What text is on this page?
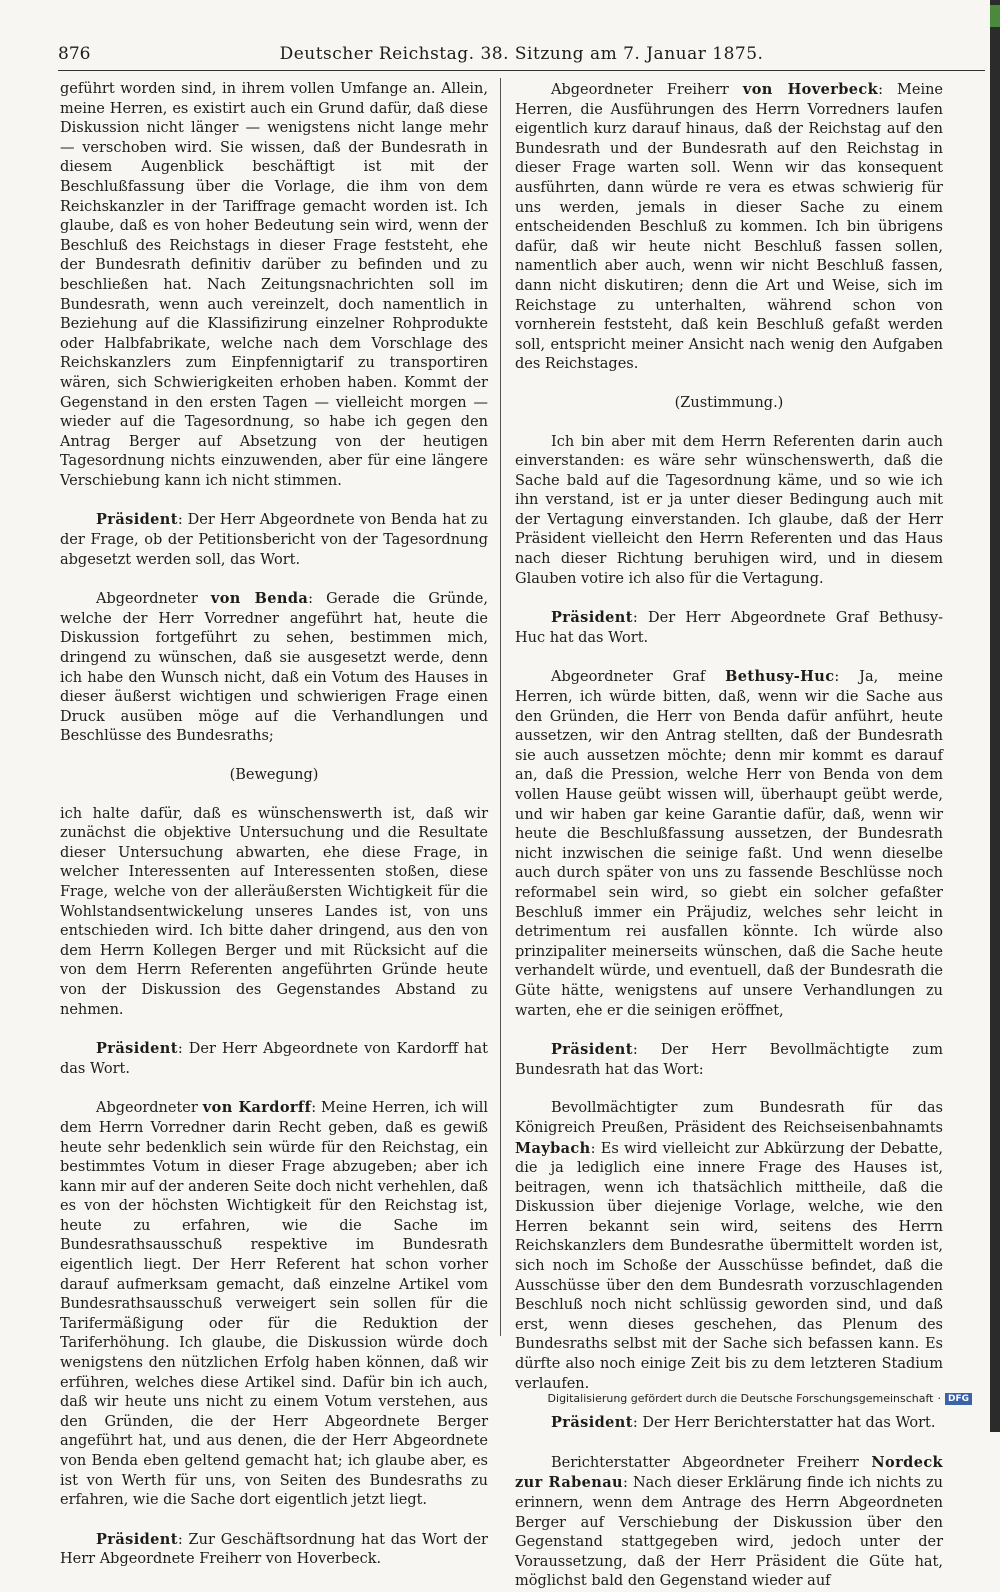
876	Deutscher Reichstag. 38. Sitzung am 7. Januar 1875.

geführt worden sind, in ihrem vollen Umfange an. Allein, meine Herren, es existirt auch ein Grund dafür, daß diese Diskussion nicht länger — wenigstens nicht lange mehr — verschoben wird. Sie wissen, daß der Bundesrath in diesem Augenblick beschäftigt ist mit der Beschlußfassung über die Vorlage, die ihm von dem Reichskanzler in der Tariffrage gemacht worden ist. Ich glaube, daß es von hoher Bedeutung sein wird, wenn der Beschluß des Reichstags in dieser Frage feststeht, ehe der Bundesrath definitiv darüber zu befinden und zu beschließen hat. Nach Zeitungsnachrichten soll im Bundesrath, wenn auch vereinzelt, doch namentlich in Beziehung auf die Klassifizirung einzelner Rohprodukte oder Halbfabrikate, welche nach dem Vorschlage des Reichskanzlers zum Einpfennigtarif zu transportiren wären, sich Schwierigkeiten erhoben haben. Kommt der Gegenstand in den ersten Tagen — vielleicht morgen — wieder auf die Tagesordnung, so habe ich gegen den Antrag Berger auf Absetzung von der heutigen Tagesordnung nichts einzuwenden, aber für eine längere Verschiebung kann ich nicht stimmen.

Präsident: Der Herr Abgeordnete von Benda hat zu der Frage, ob der Petitionsbericht von der Tagesordnung abgesetzt werden soll, das Wort.

Abgeordneter von Benda: Gerade die Gründe, welche der Herr Vorredner angeführt hat, heute die Diskussion fortgeführt zu sehen, bestimmen mich, dringend zu wünschen, daß sie ausgesetzt werde, denn ich habe den Wunsch nicht, daß ein Votum des Hauses in dieser äußerst wichtigen und schwierigen Frage einen Druck ausüben möge auf die Verhandlungen und Beschlüsse des Bundesraths;

(Bewegung)

ich halte dafür, daß es wünschenswerth ist, daß wir zunächst die objektive Untersuchung und die Resultate dieser Untersuchung abwarten, ehe diese Frage, in welcher Interessenten auf Interessenten stoßen, diese Frage, welche von der alleräußersten Wichtigkeit für die Wohlstandsentwickelung unseres Landes ist, von uns entschieden wird. Ich bitte daher dringend, aus den von dem Herrn Kollegen Berger und mit Rücksicht auf die von dem Herrn Referenten angeführten Gründe heute von der Diskussion des Gegenstandes Abstand zu nehmen.

Präsident: Der Herr Abgeordnete von Kardorff hat das Wort.

Abgeordneter von Kardorff: Meine Herren, ich will dem Herrn Vorredner darin Recht geben, daß es gewiß heute sehr bedenklich sein würde für den Reichstag, ein bestimmtes Votum in dieser Frage abzugeben; aber ich kann mir auf der anderen Seite doch nicht verhehlen, daß es von der höchsten Wichtigkeit für den Reichstag ist, heute zu erfahren, wie die Sache im Bundesrathsausschuß respektive im Bundesrath eigentlich liegt. Der Herr Referent hat schon vorher darauf aufmerksam gemacht, daß einzelne Artikel vom Bundesrathsausschuß verweigert sein sollen für die Tarifermäßigung oder für die Reduktion der Tariferhöhung. Ich glaube, die Diskussion würde doch wenigstens den nützlichen Erfolg haben können, daß wir erführen, welches diese Artikel sind. Dafür bin ich auch, daß wir heute uns nicht zu einem Votum verstehen, aus den Gründen, die der Herr Abgeordnete Berger angeführt hat, und aus denen, die der Herr Abgeordnete von Benda eben geltend gemacht hat; ich glaube aber, es ist von Werth für uns, von Seiten des Bundesraths zu erfahren, wie die Sache dort eigentlich jetzt liegt.

Präsident: Zur Geschäftsordnung hat das Wort der Herr Abgeordnete Freiherr von Hoverbeck.

Abgeordneter Freiherr von Hoverbeck: Meine Herren, die Ausführungen des Herrn Vorredners laufen eigentlich kurz darauf hinaus, daß der Reichstag auf den Bundesrath und der Bundesrath auf den Reichstag in dieser Frage warten soll. Wenn wir das konsequent ausführten, dann würde re vera es etwas schwierig für uns werden, jemals in dieser Sache zu einem entscheidenden Beschluß zu kommen. Ich bin übrigens dafür, daß wir heute nicht Beschluß fassen sollen, namentlich aber auch, wenn wir nicht Beschluß fassen, dann nicht diskutiren; denn die Art und Weise, sich im Reichstage zu unterhalten, während schon von vornherein feststeht, daß kein Beschluß gefaßt werden soll, entspricht meiner Ansicht nach wenig den Aufgaben des Reichstages.

(Zustimmung.)

Ich bin aber mit dem Herrn Referenten darin auch einverstanden: es wäre sehr wünschenswerth, daß die Sache bald auf die Tagesordnung käme, und so wie ich ihn verstand, ist er ja unter dieser Bedingung auch mit der Vertagung einverstanden. Ich glaube, daß der Herr Präsident vielleicht den Herrn Referenten und das Haus nach dieser Richtung beruhigen wird, und in diesem Glauben votire ich also für die Vertagung.

Präsident: Der Herr Abgeordnete Graf Bethusy-Huc hat das Wort.

Abgeordneter Graf Bethusy-Huc: Ja, meine Herren, ich würde bitten, daß, wenn wir die Sache aus den Gründen, die Herr von Benda dafür anführt, heute aussetzen, wir den Antrag stellten, daß der Bundesrath sie auch aussetzen möchte; denn mir kommt es darauf an, daß die Pression, welche Herr von Benda von dem vollen Hause geübt wissen will, überhaupt geübt werde, und wir haben gar keine Garantie dafür, daß, wenn wir heute die Beschlußfassung aussetzen, der Bundesrath nicht inzwischen die seinige faßt. Und wenn dieselbe auch durch später von uns zu fassende Beschlüsse noch reformabel sein wird, so giebt ein solcher gefaßter Beschluß immer ein Präjudiz, welches sehr leicht in detrimentum rei ausfallen könnte. Ich würde also prinzipaliter meinerseits wünschen, daß die Sache heute verhandelt würde, und eventuell, daß der Bundesrath die Güte hätte, wenigstens auf unsere Verhandlungen zu warten, ehe er die seinigen eröffnet,

Präsident: Der Herr Bevollmächtigte zum Bundesrath hat das Wort:

Bevollmächtigter zum Bundesrath für das Königreich Preußen, Präsident des Reichseisenbahnamts Maybach: Es wird vielleicht zur Abkürzung der Debatte, die ja lediglich eine innere Frage des Hauses ist, beitragen, wenn ich thatsächlich mittheile, daß die Diskussion über diejenige Vorlage, welche, wie den Herren bekannt sein wird, seitens des Herrn Reichskanzlers dem Bundesrathe übermittelt worden ist, sich noch im Schoße der Ausschüsse befindet, daß die Ausschüsse über den dem Bundesrath vorzuschlagenden Beschluß noch nicht schlüssig geworden sind, und daß erst, wenn dieses geschehen, das Plenum des Bundesraths selbst mit der Sache sich befassen kann. Es dürfte also noch einige Zeit bis zu dem letzteren Stadium verlaufen.

Präsident: Der Herr Berichterstatter hat das Wort.

Berichterstatter Abgeordneter Freiherr Nordeck zur Rabenau: Nach dieser Erklärung finde ich nichts zu erinnern, wenn dem Antrage des Herrn Abgeordneten Berger auf Verschiebung der Diskussion über den Gegenstand stattgegeben wird, jedoch unter der Voraussetzung, daß der Herr Präsident die Güte hat, möglichst bald den Gegenstand wieder auf

Digitalisierung gefördert durch die Deutsche Forschungsgemeinschaft · DFG
